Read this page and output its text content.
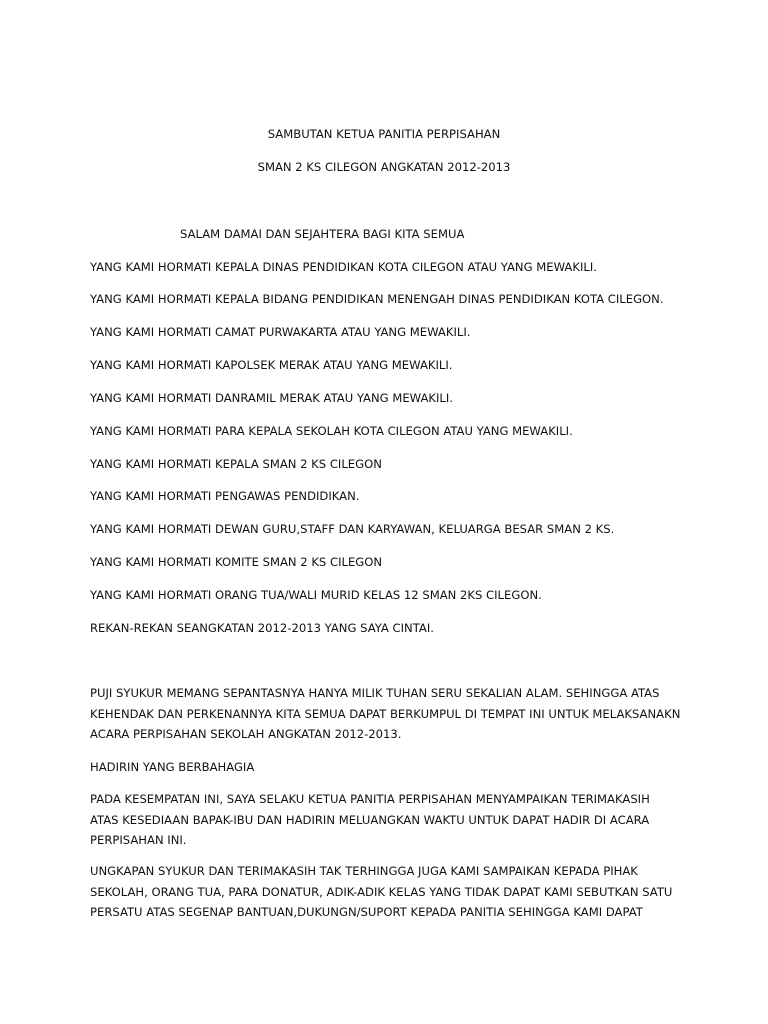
SAMBUTAN KETUA PANITIA PERPISAHAN
SMAN 2 KS CILEGON ANGKATAN 2012-2013
SALAM DAMAI DAN SEJAHTERA BAGI KITA SEMUA
YANG KAMI HORMATI KEPALA DINAS PENDIDIKAN KOTA CILEGON ATAU YANG MEWAKILI.
YANG KAMI HORMATI KEPALA BIDANG PENDIDIKAN MENENGAH DINAS PENDIDIKAN KOTA CILEGON.
YANG KAMI HORMATI CAMAT PURWAKARTA ATAU YANG MEWAKILI.
YANG KAMI HORMATI KAPOLSEK MERAK ATAU YANG MEWAKILI.
YANG KAMI HORMATI DANRAMIL MERAK ATAU YANG MEWAKILI.
YANG KAMI HORMATI PARA KEPALA SEKOLAH KOTA CILEGON ATAU YANG MEWAKILI.
YANG KAMI HORMATI KEPALA SMAN 2 KS CILEGON
YANG KAMI HORMATI PENGAWAS PENDIDIKAN.
YANG KAMI HORMATI DEWAN GURU,STAFF DAN KARYAWAN, KELUARGA BESAR SMAN 2 KS.
YANG KAMI HORMATI KOMITE SMAN 2 KS CILEGON
YANG KAMI HORMATI ORANG TUA/WALI MURID KELAS 12 SMAN 2KS CILEGON.
REKAN-REKAN SEANGKATAN 2012-2013 YANG SAYA CINTAI.
PUJI SYUKUR MEMANG SEPANTASNYA HANYA MILIK TUHAN SERU SEKALIAN ALAM. SEHINGGA ATAS
KEHENDAK DAN PERKENANNYA KITA SEMUA DAPAT BERKUMPUL DI TEMPAT INI UNTUK MELAKSANAKN
ACARA PERPISAHAN SEKOLAH ANGKATAN 2012-2013.
HADIRIN YANG BERBAHAGIA
PADA KESEMPATAN INI, SAYA SELAKU KETUA PANITIA PERPISAHAN MENYAMPAIKAN TERIMAKASIH
ATAS KESEDIAAN BAPAK-IBU DAN HADIRIN MELUANGKAN WAKTU UNTUK DAPAT HADIR DI ACARA
PERPISAHAN INI.
UNGKAPAN SYUKUR DAN TERIMAKASIH TAK TERHINGGA JUGA KAMI SAMPAIKAN KEPADA PIHAK
SEKOLAH, ORANG TUA, PARA DONATUR, ADIK-ADIK KELAS YANG TIDAK DAPAT KAMI SEBUTKAN SATU
PERSATU ATAS SEGENAP BANTUAN,DUKUNGN/SUPORT KEPADA PANITIA SEHINGGA KAMI DAPAT
